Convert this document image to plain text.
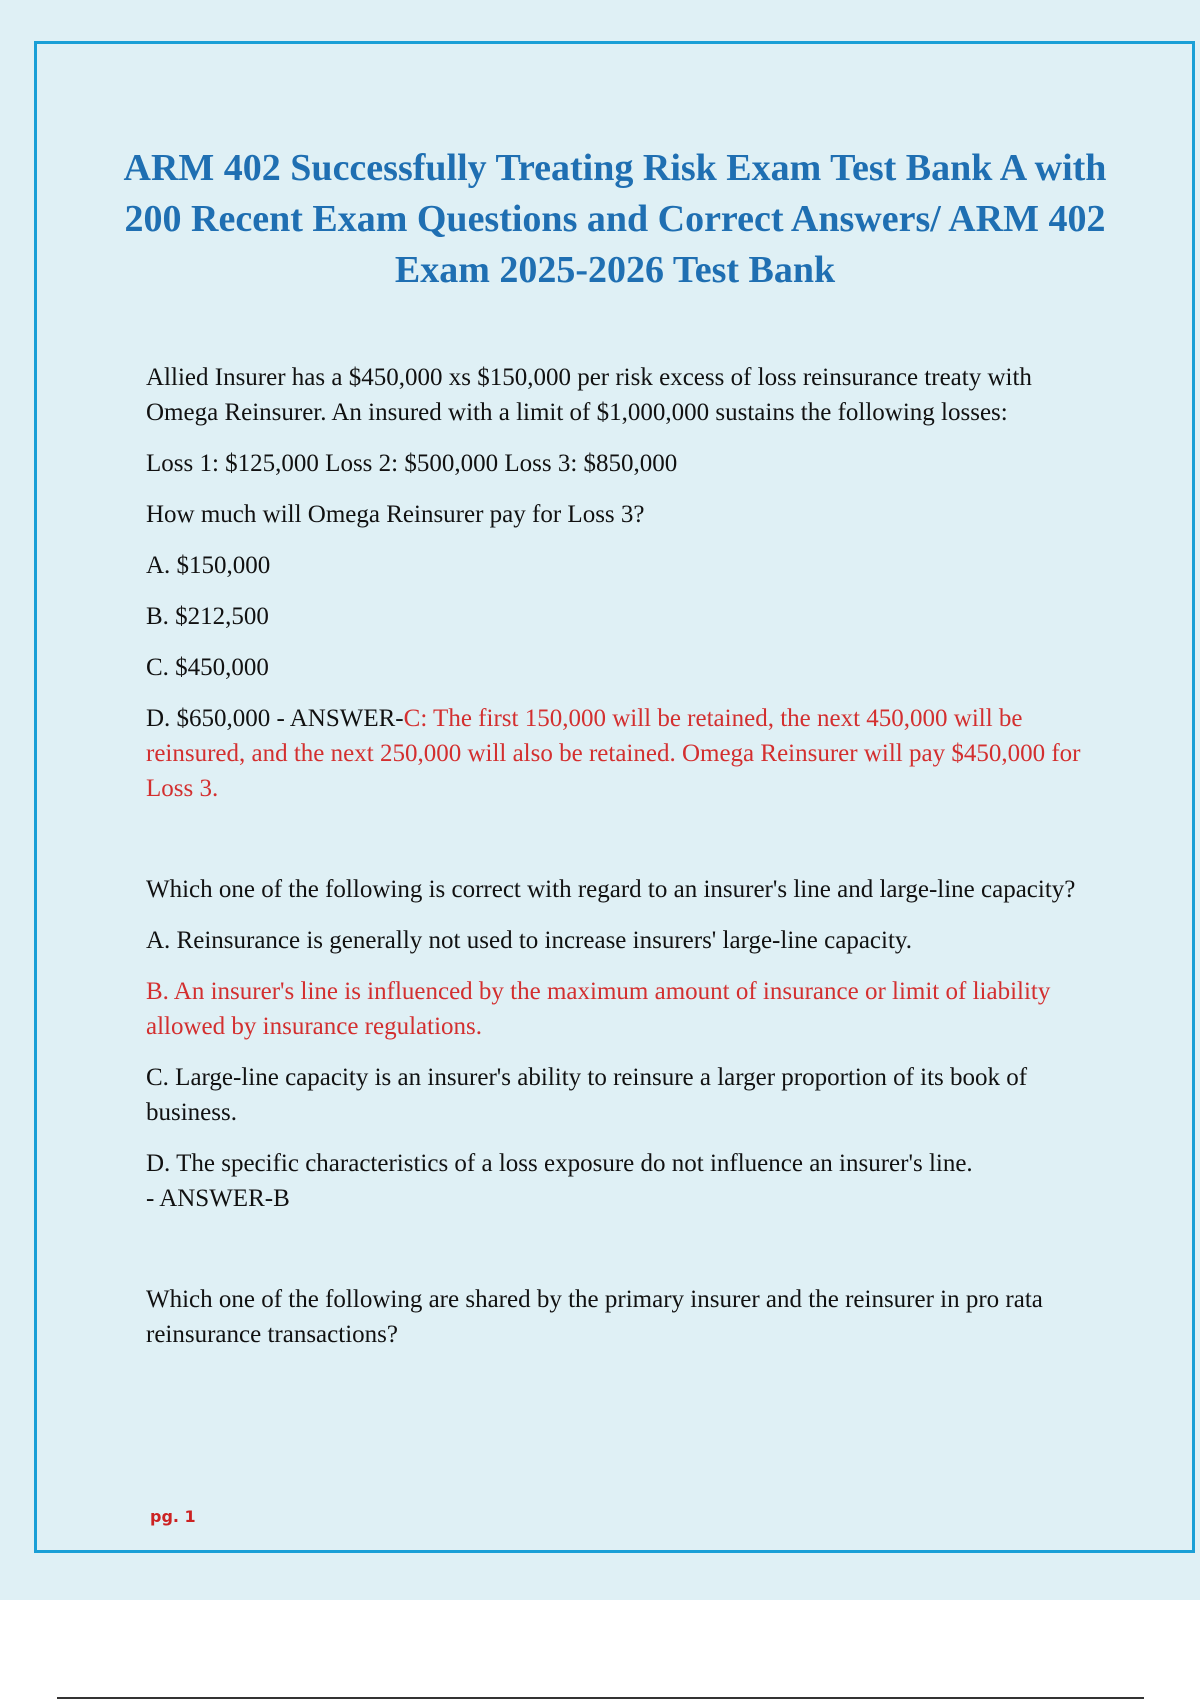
ARM 402 Successfully Treating Risk Exam Test Bank A with 200 Recent Exam Questions and Correct Answers/ ARM 402 Exam 2025-2026 Test Bank

Allied Insurer has a $450,000 xs $150,000 per risk excess of loss reinsurance treaty with Omega Reinsurer. An insured with a limit of $1,000,000 sustains the following losses:

Loss 1: $125,000 Loss 2: $500,000 Loss 3: $850,000

How much will Omega Reinsurer pay for Loss 3?

A. $150,000

B. $212,500

C. $450,000

D. $650,000 - ANSWER-C: The first 150,000 will be retained, the next 450,000 will be reinsured, and the next 250,000 will also be retained. Omega Reinsurer will pay $450,000 for Loss 3.

Which one of the following is correct with regard to an insurer's line and large-line capacity?

A. Reinsurance is generally not used to increase insurers' large-line capacity.

B. An insurer's line is influenced by the maximum amount of insurance or limit of liability allowed by insurance regulations.

C. Large-line capacity is an insurer's ability to reinsure a larger proportion of its book of business.

D. The specific characteristics of a loss exposure do not influence an insurer's line.
- ANSWER-B

Which one of the following are shared by the primary insurer and the reinsurer in pro rata reinsurance transactions?

pg. 1
